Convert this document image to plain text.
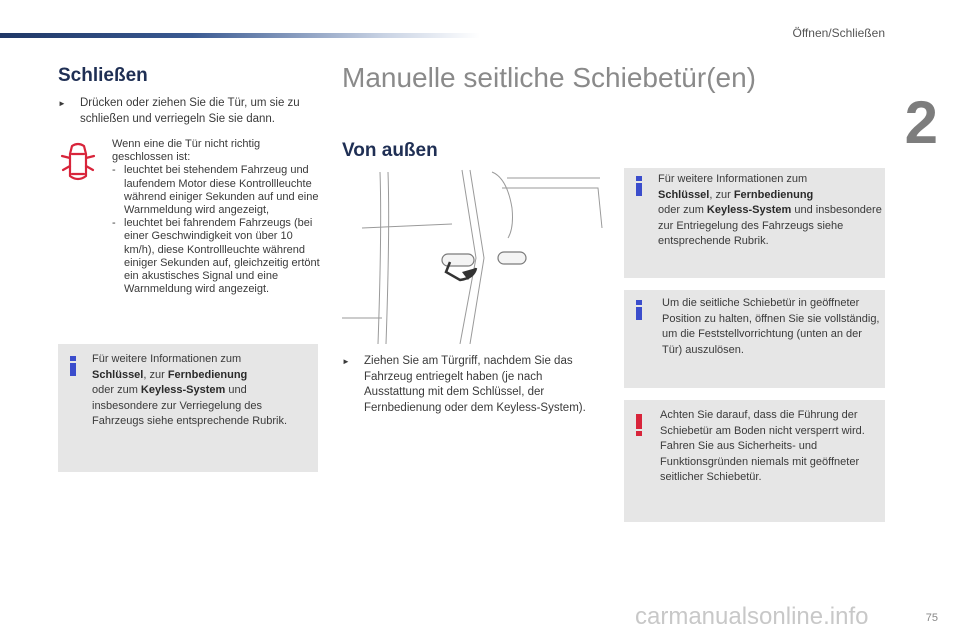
Öffnen/Schließen
2
Schließen
►	Drücken oder ziehen Sie die Tür, um sie zu schließen und verriegeln Sie sie dann.
Wenn eine die Tür nicht richtig geschlossen ist:
- leuchtet bei stehendem Fahrzeug und laufendem Motor diese Kontrollleuchte während einiger Sekunden auf und eine Warnmeldung wird angezeigt,
- leuchtet bei fahrendem Fahrzeugs (bei einer Geschwindigkeit von über 10 km/h), diese Kontrollleuchte während einiger Sekunden auf, gleichzeitig ertönt ein akustisches Signal und eine Warnmeldung wird angezeigt.
Für weitere Informationen zum
Schlüssel, zur Fernbedienung
oder zum Keyless-System und insbesondere zur Verriegelung des Fahrzeugs siehe entsprechende Rubrik.
Manuelle seitliche Schiebetür(en)
Von außen
►	Ziehen Sie am Türgriff, nachdem Sie das Fahrzeug entriegelt haben (je nach Ausstattung mit dem Schlüssel, der Fernbedienung oder dem Keyless-System).
Für weitere Informationen zum
Schlüssel, zur Fernbedienung
oder zum Keyless-System und insbesondere zur Entriegelung des Fahrzeugs siehe entsprechende Rubrik.
Um die seitliche Schiebetür in geöffneter Position zu halten, öffnen Sie sie vollständig, um die Feststellvorrichtung (unten an der Tür) auszulösen.
Achten Sie darauf, dass die Führung der Schiebetür am Boden nicht versperrt wird. Fahren Sie aus Sicherheits- und Funktionsgründen niemals mit geöffneter seitlicher Schiebetür.
carmanualsonline.info	75
